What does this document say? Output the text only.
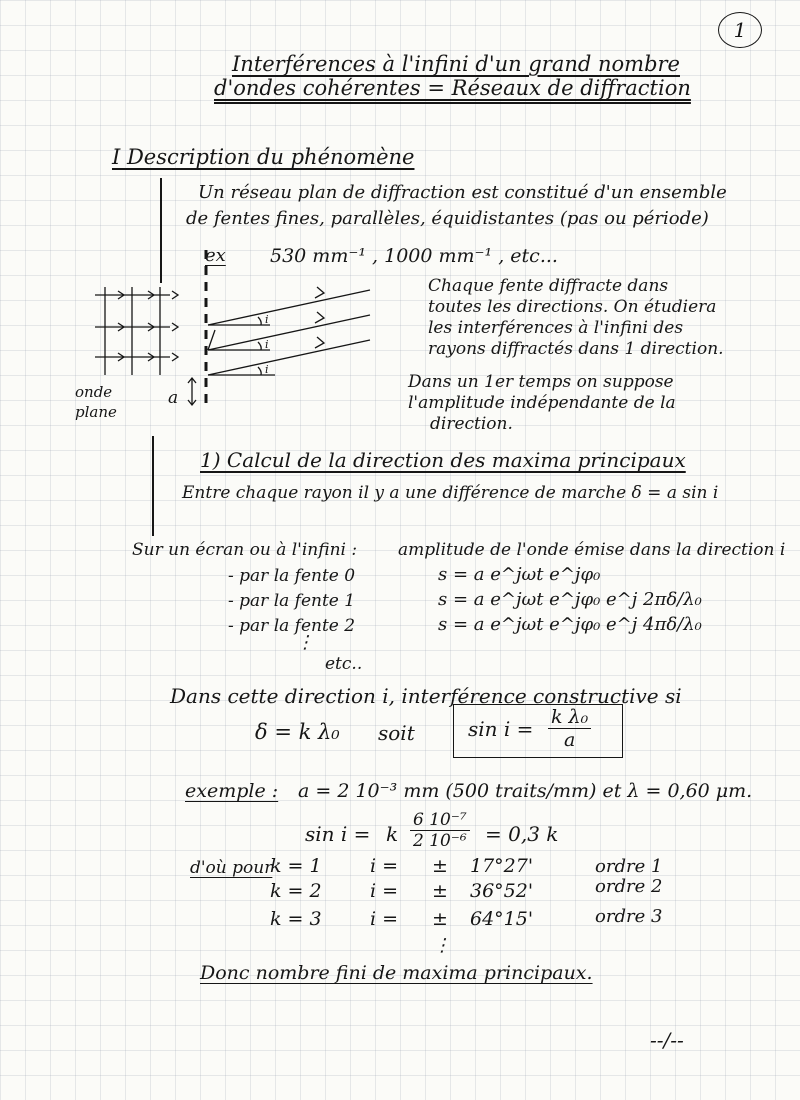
1
Interférences à l'infini d'un grand nombre
d'ondes cohérentes = Réseaux de diffraction
I Description du phénomène
Un réseau plan de diffraction est constitué d'un ensemble
de fentes fines, parallèles, équidistantes (pas ou période)
ex 530 mm⁻¹ , 1000 mm⁻¹ , etc...
i
i
i
a
onde
plane
Chaque fente diffracte dans
toutes les directions. On étudiera
les interférences à l'infini des
rayons diffractés dans 1 direction.
Dans un 1er temps on suppose
l'amplitude indépendante de la
direction.
1) Calcul de la direction des maxima principaux
Entre chaque rayon il y a une différence de marche δ = a sin i
Sur un écran ou à l'infini : amplitude de l'onde émise dans la direction i
- par la fente 0	s = a e^jωt e^jφ₀
- par la fente 1	s = a e^jωt e^jφ₀ e^j 2πδ/λ₀
- par la fente 2	s = a e^jωt e^jφ₀ e^j 4πδ/λ₀
⋮
etc..
Dans cette direction i, interférence constructive si
δ = k λ₀ soit	$\sin i = \frac{\text{k λ₀}}{a}$
exemple : a = 2 10⁻³ mm (500 traits/mm) et λ = 0,60 μm.
sin i = k $\frac{\text{6 10⁻⁷}}{\text{2 10⁻⁶}} = 0,3$ k
d'où pour
k = 1	i = ± 17°27'	ordre 1
k = 2	i = ± 36°52'	ordre 2
k = 3	i = ± 64°15'	ordre 3
⋮
Donc nombre fini de maxima principaux.
--/--
